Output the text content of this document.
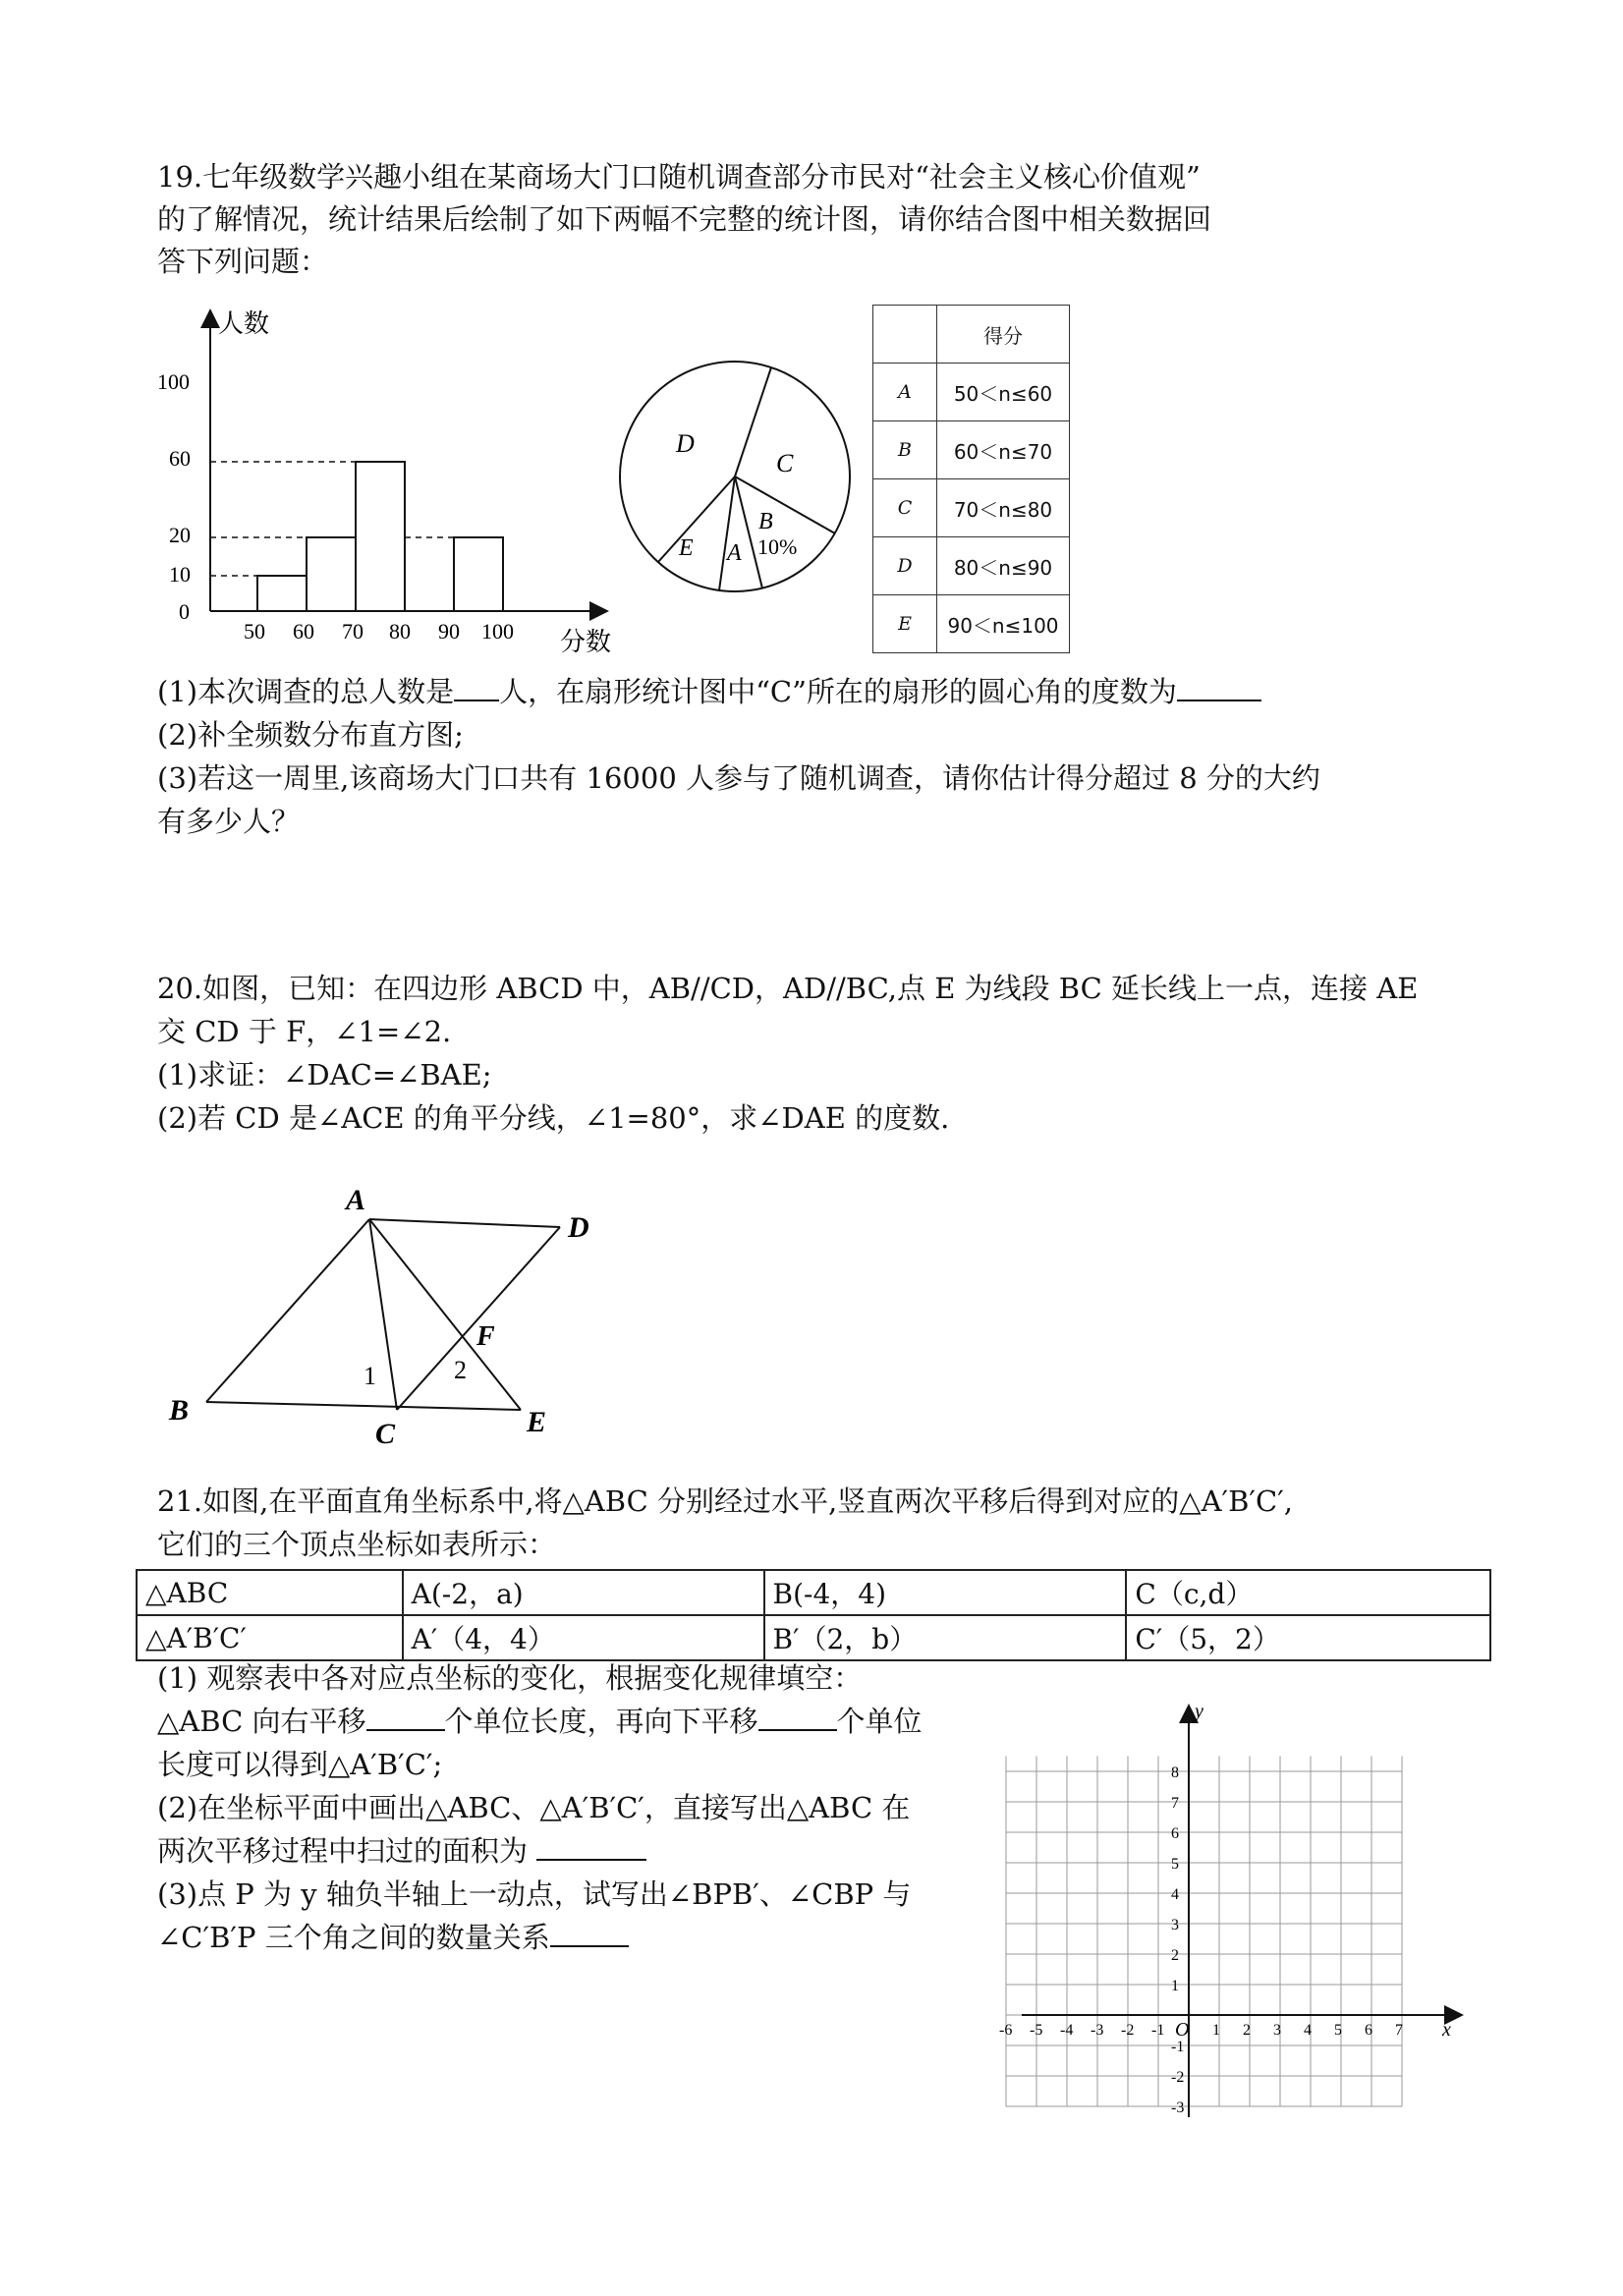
19.七年级数学兴趣小组在某商场大门口随机调查部分市民对“社会主义核心价值观”
的了解情况，统计结果后绘制了如下两幅不完整的统计图，请你结合图中相关数据回
答下列问题：
人数
分数
100
60
20
10
0
50 60 70 80 90 100
D
C
B
10%
A
E
	得分
A	50＜n≤60
B	60＜n≤70
C	70＜n≤80
D	80＜n≤90
E	90＜n≤100
(1)本次调查的总人数是 人，在扇形统计图中“C”所在的扇形的圆心角的度数为
(2)补全频数分布直方图;
(3)若这一周里,该商场大门口共有 16000 人参与了随机调查，请你估计得分超过 8 分的大约
有多少人？
20.如图，已知：在四边形 ABCD 中，AB//CD，AD//BC,点 E 为线段 BC 延长线上一点，连接 AE
交 CD 于 F，∠1=∠2.
(1)求证：∠DAC=∠BAE;
(2)若 CD 是∠ACE 的角平分线，∠1=80°，求∠DAE 的度数.
A
D
F
1	2
B
C	E
21.如图,在平面直角坐标系中,将△ABC 分别经过水平,竖直两次平移后得到对应的△A′B′C′,
它们的三个顶点坐标如表所示：
△ABC	A(-2，a)	B(-4，4)	C（c,d）
△A′B′C′	A′（4，4）	B′（2，b）	C′（5，2）
(1) 观察表中各对应点坐标的变化，根据变化规律填空：
△ABC 向右平移	个单位长度，再向下平移	个单位
长度可以得到△A′B′C′;
(2)在坐标平面中画出△ABC、△A′B′C′，直接写出△ABC 在
两次平移过程中扫过的面积为
(3)点 P 为 y 轴负半轴上一动点，试写出∠BPB′、∠CBP 与
∠C′B′P 三个角之间的数量关系
x
y
O
-6 -5 -4 -3 -2 -1	1 2 3 4 5 6 7
8
7
6
5
4
3
2
1
-1
-2
-3
